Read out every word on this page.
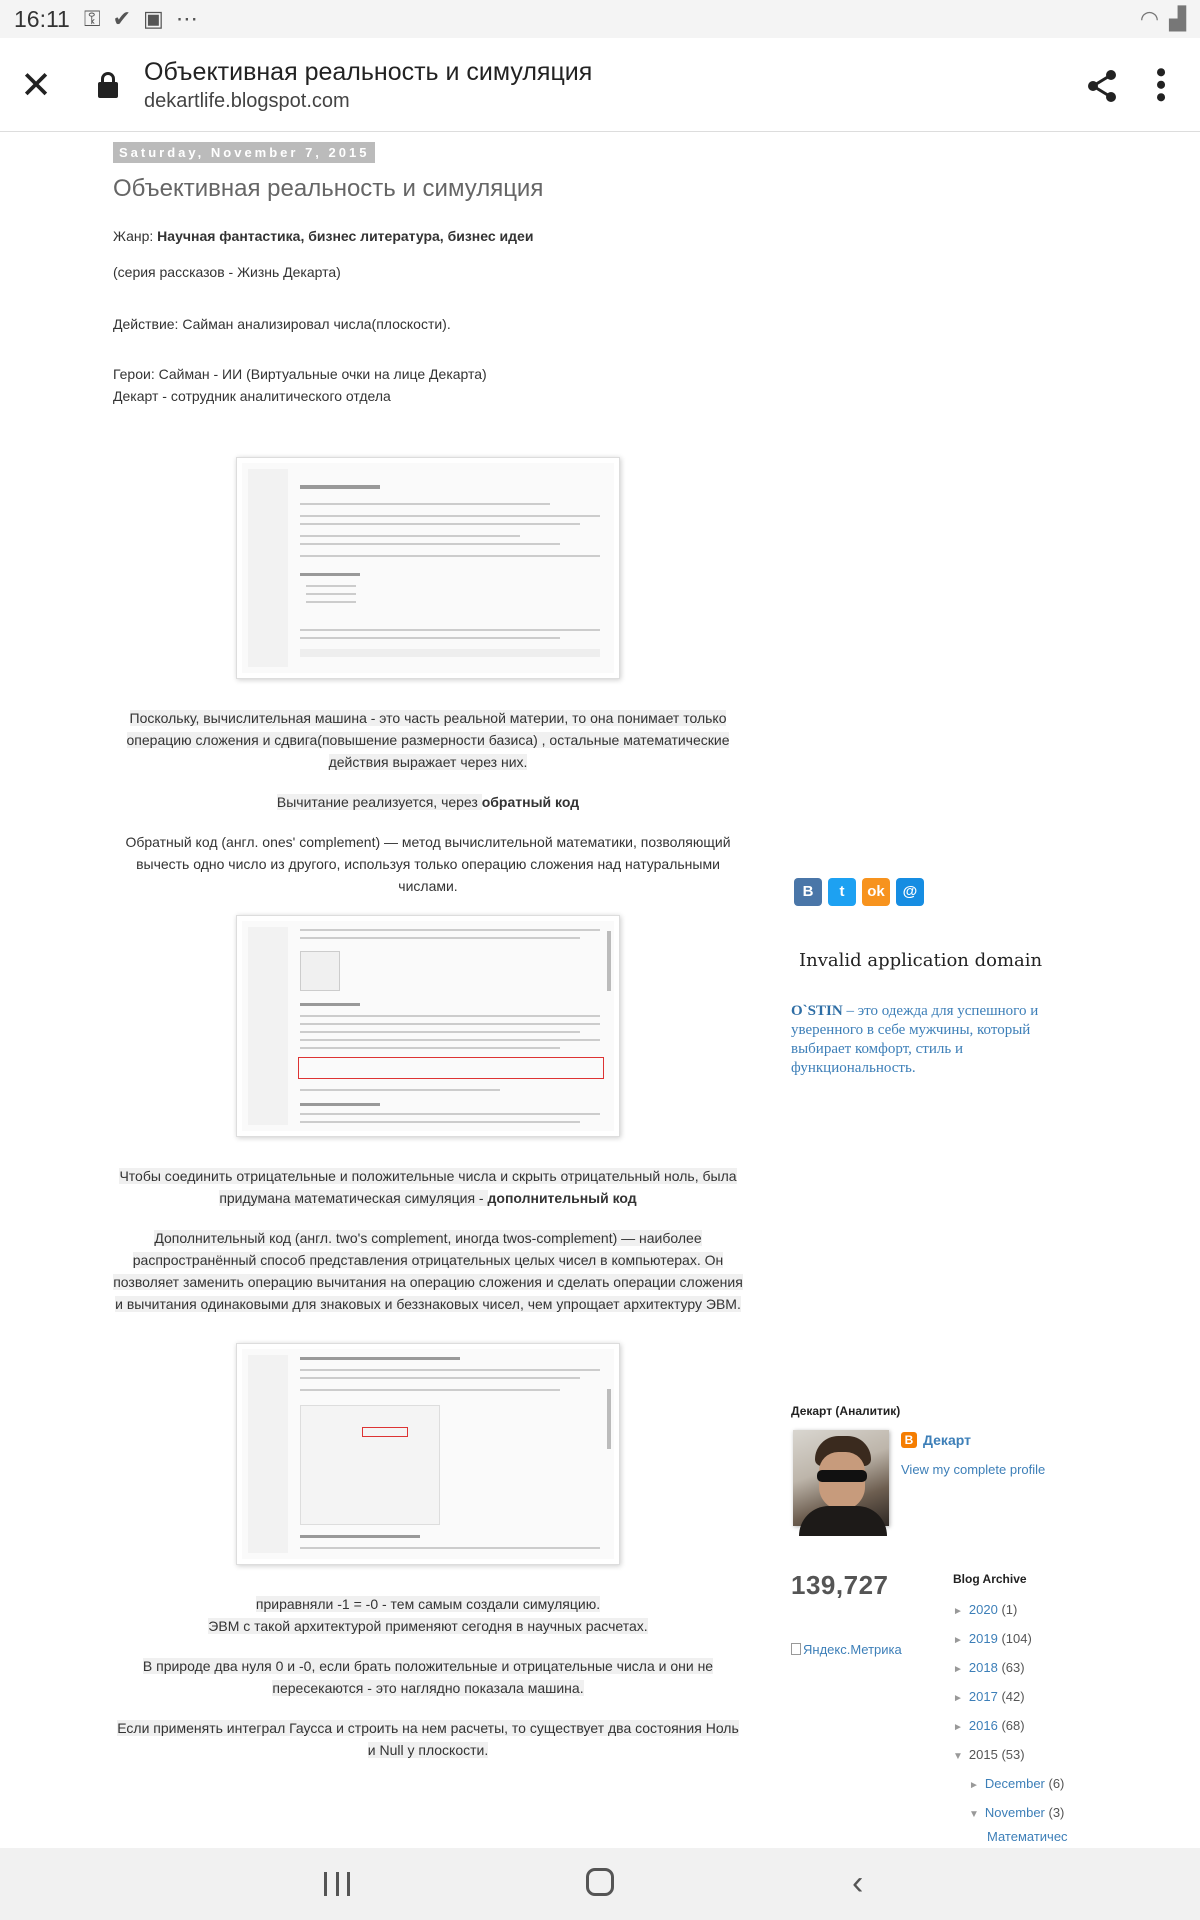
16:11 ⚿ ✔ ▣ ⋯	◠ ▟
✕	Объективная реальность и симуляция
dekartlife.blogspot.com	•••
Saturday, November 7, 2015
Объективная реальность и симуляция
Жанр: Научная фантастика, бизнес литература, бизнес идеи
(серия рассказов - Жизнь Декарта)
Действие: Сайман анализировал числа(плоскости).
Герои: Сайман - ИИ (Виртуальные очки на лице Декарта)
Декарт - сотрудник аналитического отдела
Поскольку, вычислительная машина - это часть реальной материи, то она понимает только операцию сложения и сдвига(повышение размерности базиса) , остальные математические действия выражает через них.
Вычитание реализуется, через обратный код
Обратный код (англ. ones' complement) — метод вычислительной математики, позволяющий вычесть одно число из другого, используя только операцию сложения над натуральными числами.
Чтобы соединить отрицательные и положительные числа и скрыть отрицательный ноль, была придумана математическая симуляция - дополнительный код
Дополнительный код (англ. two's complement, иногда twos-complement) — наиболее распространённый способ представления отрицательных целых чисел в компьютерах. Он позволяет заменить операцию вычитания на операцию сложения и сделать операции сложения и вычитания одинаковыми для знаковых и беззнаковых чисел, чем упрощает архитектуру ЭВМ.
приравняли -1 = -0 - тем самым создали симуляцию.
ЭВМ с такой архитектурой применяют сегодня в научных расчетах.
В природе два нуля 0 и -0, если брать положительные и отрицательные числа и они не пересекаются - это наглядно показала машина.
Если применять интеграл Гаусса и строить на нем расчеты, то существует два состояния Ноль и Null у плоскости.
B	t	ok	@
Invalid application domain
O`STIN – это одежда для успешного и уверенного в себе мужчины, который выбирает комфорт, стиль и функциональность.
Декарт (Аналитик)
B Декарт
View my complete profile
139,727
Яндекс.Метрика
Blog Archive
► 2020 (1)
► 2019 (104)
► 2018 (63)
► 2017 (42)
► 2016 (68)
▼ 2015 (53)
► December (6)
▼ November (3)
Математичес
‹
